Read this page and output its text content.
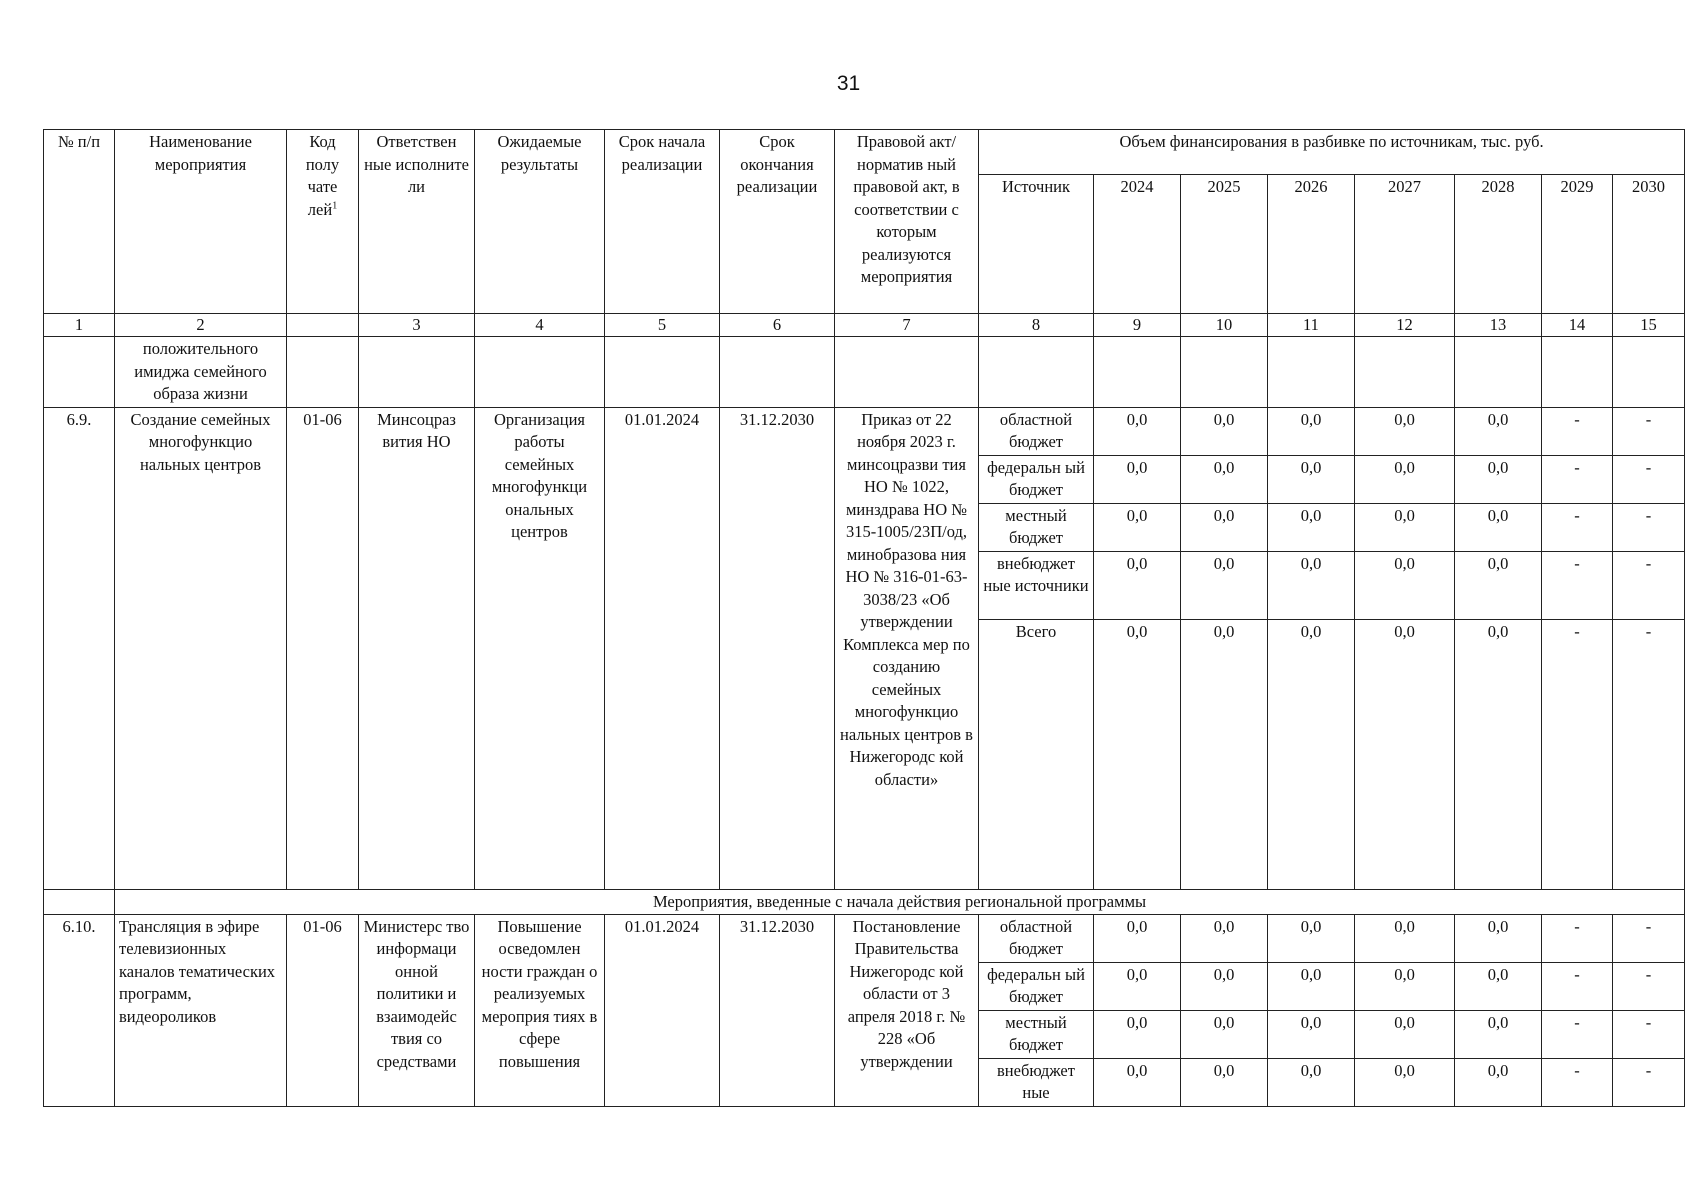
31
№ п/п	Наименование мероприятия	Код полу чате лей$^1$	Ответствен ные исполните ли	Ожидаемые результаты	Срок начала реализации	Срок окончания реализации	Правовой акт/норматив ный правовой акт, в соответствии с которым реализуются мероприятия	Объем финансирования в разбивке по источникам, тыс. руб.							
								Источник	2024	2025	2026	2027	2028	2029	2030
1	2		3	4	5	6	7	8	9	10	11	12	13	14	15
	положительного имиджа семейного образа жизни														
6.9.	Создание семейных многофункцио нальных центров	01-06	Минсоцраз вития НО	Организация работы семейных многофункци ональных центров	01.01.2024	31.12.2030	Приказ от 22 ноября 2023 г. минсоцразви тия НО № 1022, минздрава НО № 315-1005/23П/од, минобразова ния НО № 316-01-63-3038/23 «Об утверждении Комплекса мер по созданию семейных многофункцио нальных центров в Нижегородс кой области»	областной бюджет	0,0	0,0	0,0	0,0	0,0	-	-
								федеральн ый бюджет	0,0	0,0	0,0	0,0	0,0	-	-
								местный бюджет	0,0	0,0	0,0	0,0	0,0	-	-
								внебюджет ные источники	0,0	0,0	0,0	0,0	0,0	-	-
								Всего	0,0	0,0	0,0	0,0	0,0	-	-
	Мероприятия, введенные с начала действия региональной программы														
6.10.	Трансляция в эфире телевизионных каналов тематических программ, видеороликов	01-06	Министерс тво информаци онной политики и взаимодейс твия со средствами	Повышение осведомлен ности граждан о реализуемых мероприя тиях в сфере повышения	01.01.2024	31.12.2030	Постановление Правительства Нижегородс кой области от 3 апреля 2018 г. № 228 «Об утверждении	областной бюджет	0,0	0,0	0,0	0,0	0,0	-	-
								федеральн ый бюджет	0,0	0,0	0,0	0,0	0,0	-	-
								местный бюджет	0,0	0,0	0,0	0,0	0,0	-	-
								внебюджет ные	0,0	0,0	0,0	0,0	0,0	-	-
